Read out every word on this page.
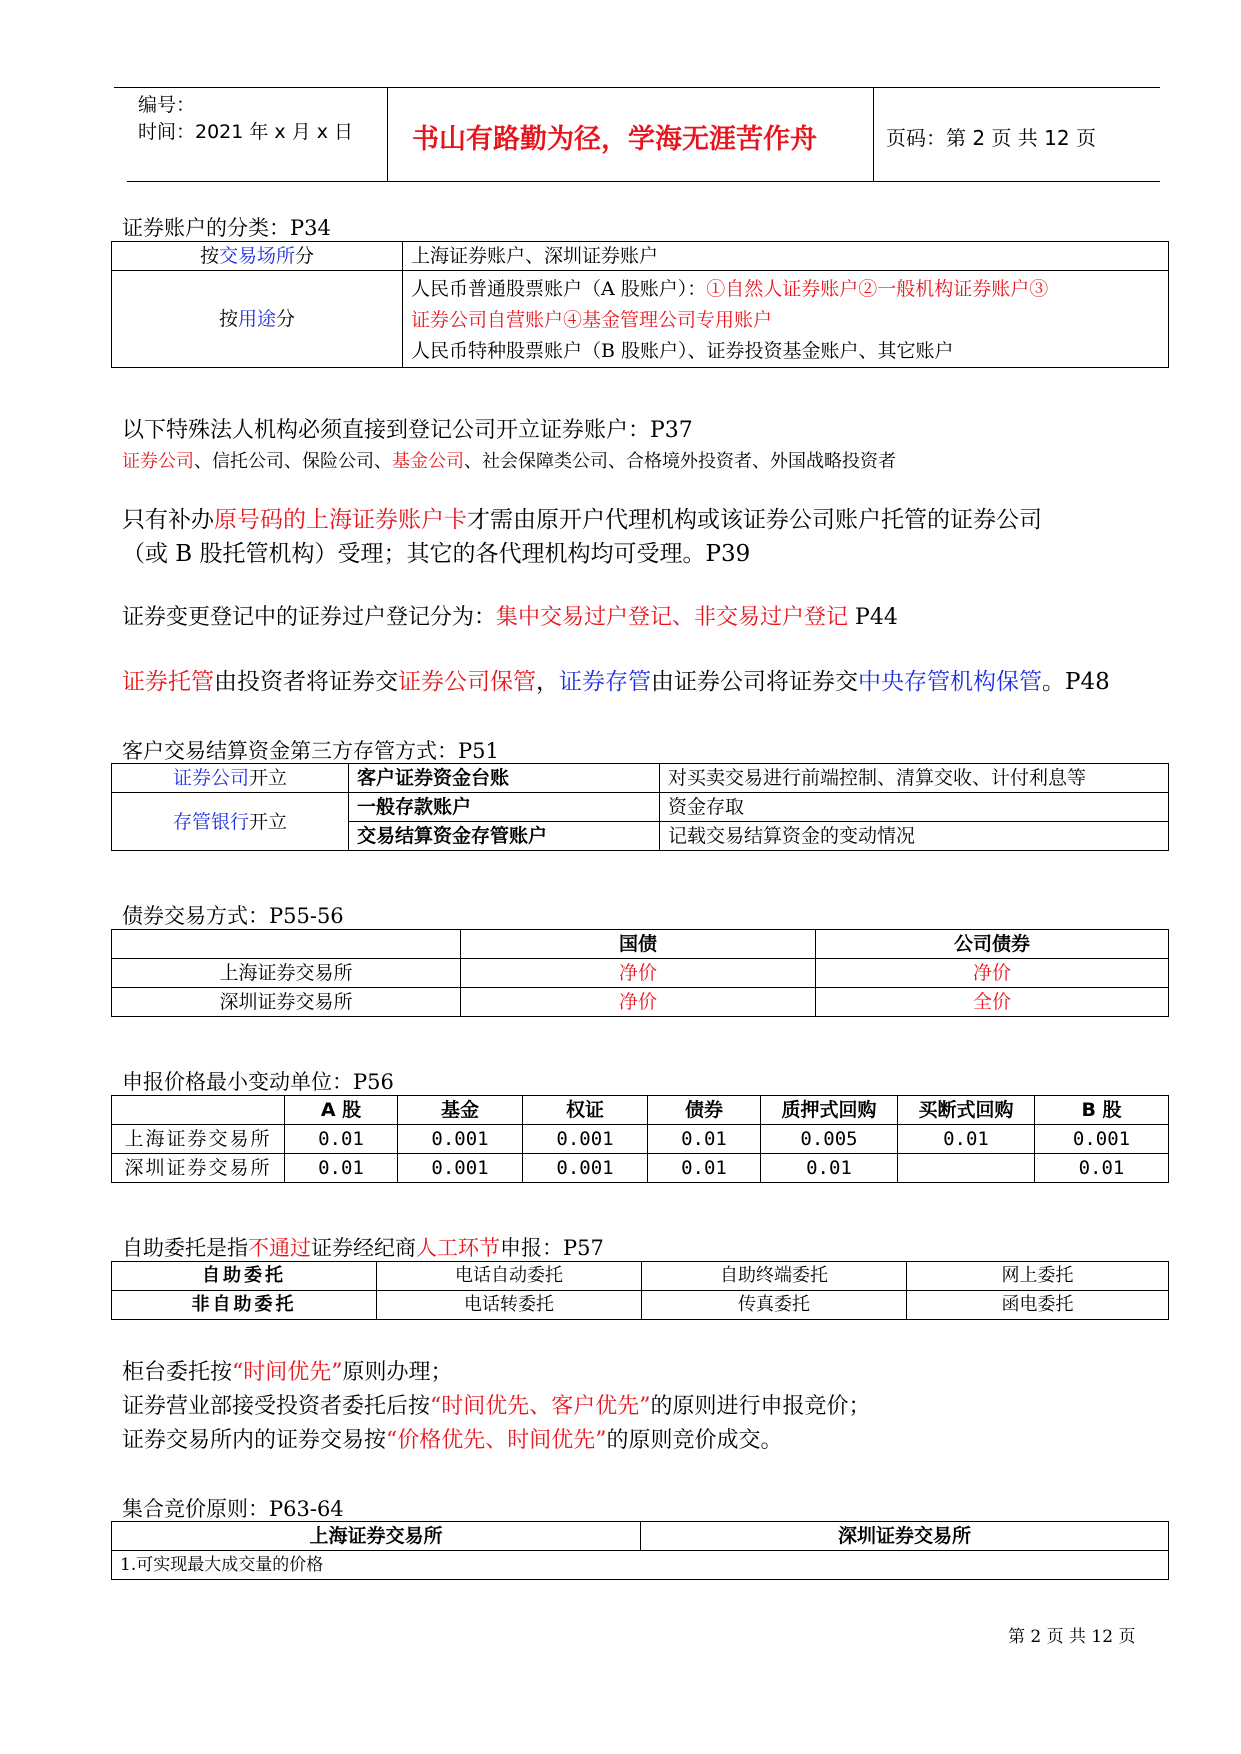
编号：
时间：2021 年 x 月 x 日 书山有路勤为径，学海无涯苦作舟	页码：第 2 页 共 12 页
证券账户的分类：P34
按交易场所分	上海证券账户、深圳证券账户
按用途分	人民币普通股票账户（A 股账户）：①自然人证券账户②一般机构证券账户③
证券公司自营账户④基金管理公司专用账户
人民币特种股票账户（B 股账户）、证券投资基金账户、其它账户
以下特殊法人机构必须直接到登记公司开立证券账户：P37
证券公司、信托公司、保险公司、基金公司、社会保障类公司、合格境外投资者、外国战略投资者
只有补办原号码的上海证券账户卡才需由原开户代理机构或该证券公司账户托管的证券公司
（或 B 股托管机构）受理；其它的各代理机构均可受理。P39
证券变更登记中的证券过户登记分为：集中交易过户登记、非交易过户登记 P44
证券托管由投资者将证券交证券公司保管，证券存管由证券公司将证券交中央存管机构保管。P48
客户交易结算资金第三方存管方式：P51
证券公司开立	客户证券资金台账	对买卖交易进行前端控制、清算交收、计付利息等
存管银行开立	一般存款账户	资金存取
	交易结算资金存管账户	记载交易结算资金的变动情况
债券交易方式：P55-56
	国债	公司债券
上海证券交易所	净价	净价
深圳证券交易所	净价	全价
申报价格最小变动单位：P56
	A 股	基金	权证	债券	质押式回购	买断式回购	B 股
上海证券交易所	0.01	0.001	0.001	0.01	0.005	0.01	0.001
深圳证券交易所	0.01	0.001	0.001	0.01	0.01		0.01
自助委托是指不通过证券经纪商人工环节申报：P57
自助委托	电话自动委托	自助终端委托	网上委托
非自助委托	电话转委托	传真委托	函电委托
柜台委托按“时间优先”原则办理；
证券营业部接受投资者委托后按“时间优先、客户优先”的原则进行申报竞价；
证券交易所内的证券交易按“价格优先、时间优先”的原则竞价成交。
集合竞价原则：P63-64
上海证券交易所	深圳证券交易所
1.可实现最大成交量的价格
第 2 页 共 12 页
